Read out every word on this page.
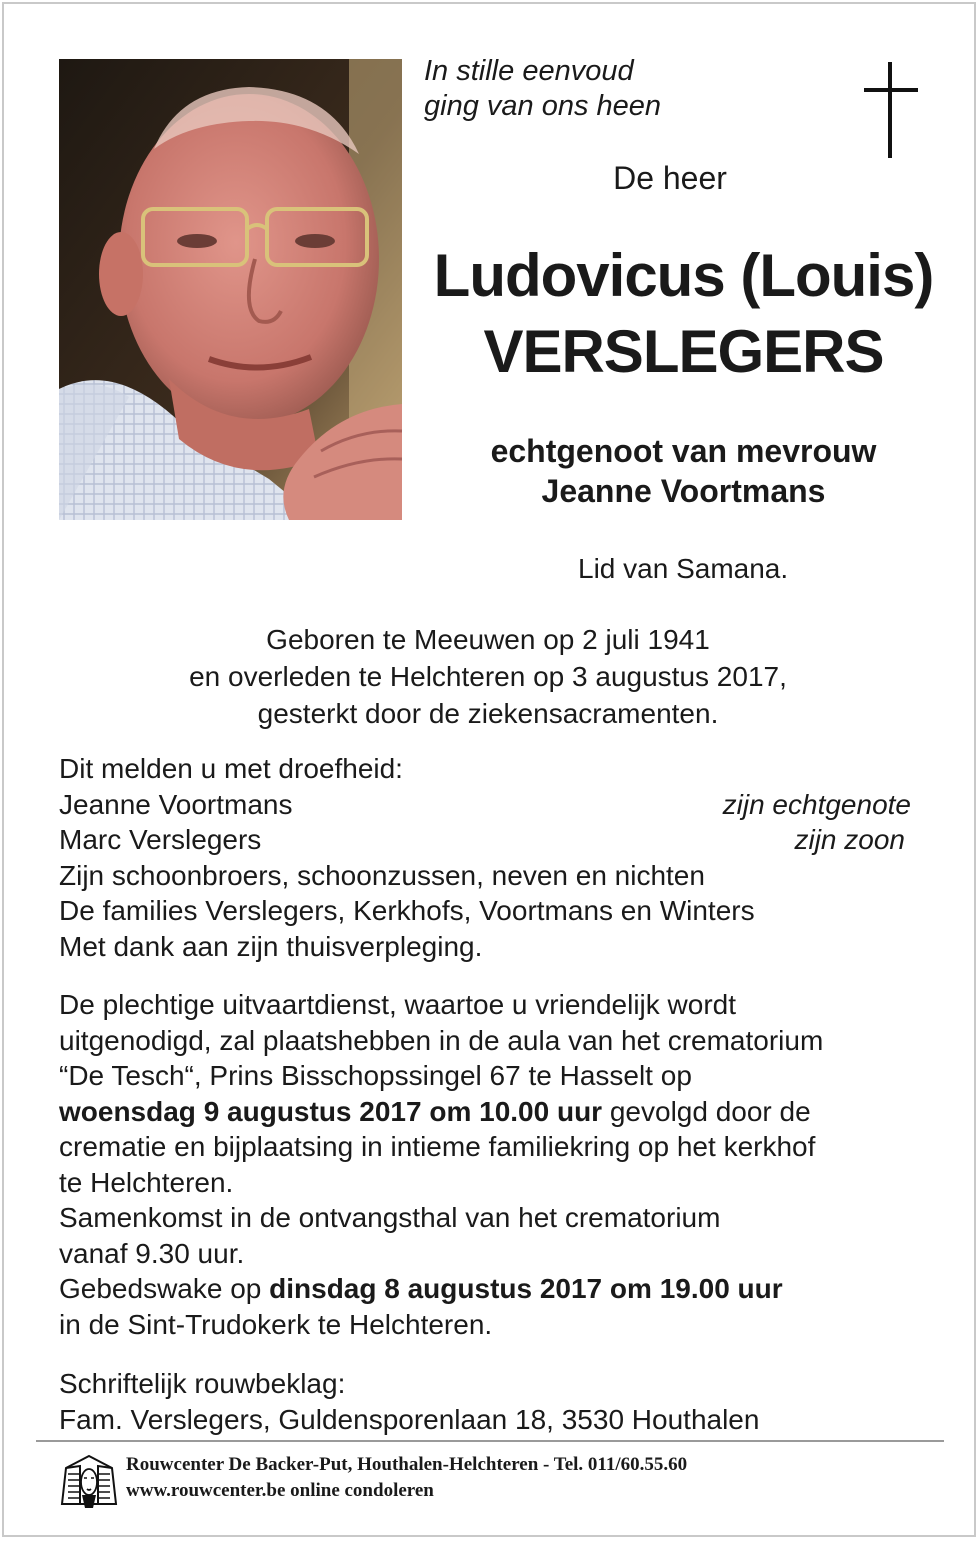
In stille eenvoud
ging van ons heen
De heer
Ludovicus (Louis)
VERSLEGERS
echtgenoot van mevrouw
Jeanne Voortmans
Lid van Samana.
Geboren te Meeuwen op 2 juli 1941
en overleden te Helchteren op 3 augustus 2017,
gesterkt door de ziekensacramenten.
Dit melden u met droefheid:
Jeanne Voortmans	zijn echtgenote
Marc Verslegers	zijn zoon
Zijn schoonbroers, schoonzussen, neven en nichten
De families Verslegers, Kerkhofs, Voortmans en Winters
Met dank aan zijn thuisverpleging.
De plechtige uitvaartdienst, waartoe u vriendelijk wordt
uitgenodigd, zal plaatshebben in de aula van het crematorium
“De Tesch“, Prins Bisschopssingel 67 te Hasselt op
woensdag 9 augustus 2017 om 10.00 uur gevolgd door de
crematie en bijplaatsing in intieme familiekring op het kerkhof
te Helchteren.
Samenkomst in de ontvangsthal van het crematorium
vanaf 9.30 uur.
Gebedswake op dinsdag 8 augustus 2017 om 19.00 uur
in de Sint-Trudokerk te Helchteren.
Schriftelijk rouwbeklag:
Fam. Verslegers, Guldensporenlaan 18, 3530 Houthalen
Rouwcenter De Backer-Put, Houthalen-Helchteren - Tel. 011/60.55.60
www.rouwcenter.be online condoleren
